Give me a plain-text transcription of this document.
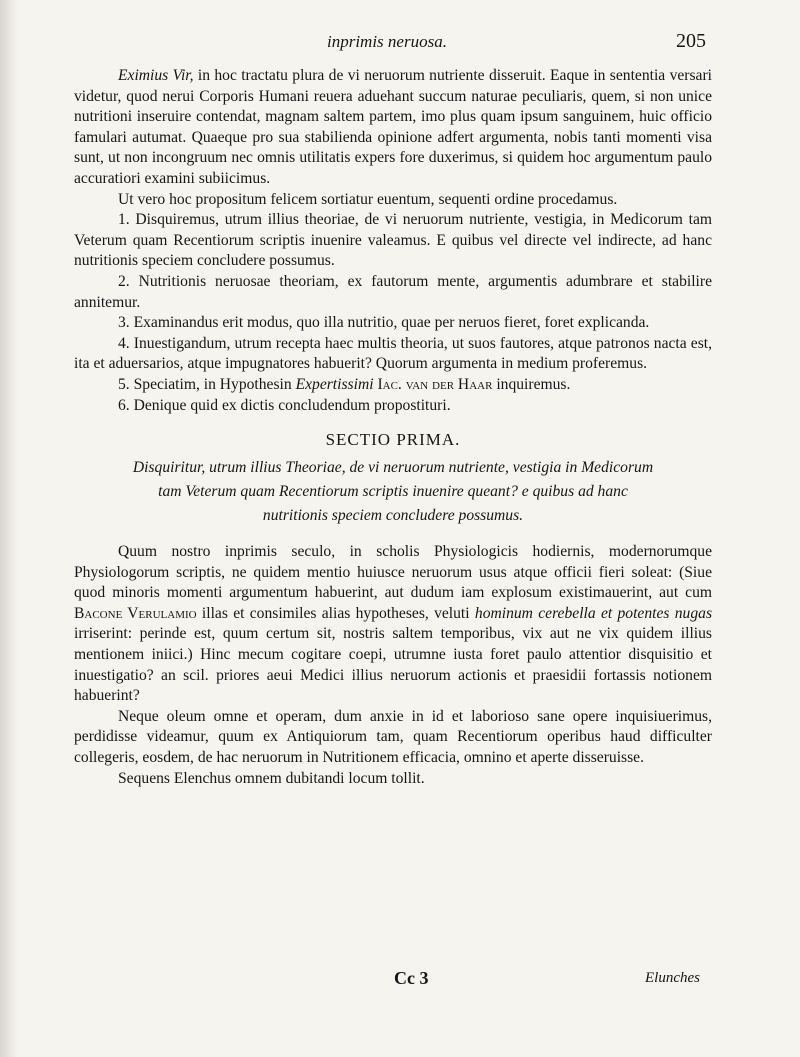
inprimis neruosa.	205

Eximius Vir, in hoc tractatu plura de vi neruorum nutriente disseruit. Eaque in sententia versari videtur, quod nerui Corporis Humani reuera aduehant succum naturae peculiaris, quem, si non unice nutritioni inseruire contendat, magnam saltem partem, imo plus quam ipsum sanguinem, huic officio famulari autumat. Quaeque pro sua stabilienda opinione adfert argumenta, nobis tanti momenti visa sunt, ut non incongruum nec omnis utilitatis expers fore duxerimus, si quidem hoc argumentum paulo accuratiori examini subiicimus.

Ut vero hoc propositum felicem sortiatur euentum, sequenti ordine procedamus.

1. Disquiremus, utrum illius theoriae, de vi neruorum nutriente, vestigia, in Medicorum tam Veterum quam Recentiorum scriptis inuenire valeamus. E quibus vel directe vel indirecte, ad hanc nutritionis speciem concludere possumus.

2. Nutritionis neruosae theoriam, ex fautorum mente, argumentis adumbrare et stabilire annitemur.

3. Examinandus erit modus, quo illa nutritio, quae per neruos fieret, foret explicanda.

4. Inuestigandum, utrum recepta haec multis theoria, ut suos fautores, atque patronos nacta est, ita et aduersarios, atque impugnatores habuerit? Quorum argumenta in medium proferemus.

5. Speciatim, in Hypothesin Expertissimi Iac. van der Haar inquiremus.

6. Denique quid ex dictis concludendum propostituri.

SECTIO PRIMA.
Disquiritur, utrum illius Theoriae, de vi neruorum nutriente, vestigia in Medicorum
tam Veterum quam Recentiorum scriptis inuenire queant? e quibus ad hanc
nutritionis speciem concludere possumus.

Quum nostro inprimis seculo, in scholis Physiologicis hodiernis, modernorumque Physiologorum scriptis, ne quidem mentio huiusce neruorum usus atque officii fieri soleat: (Siue quod minoris momenti argumentum habuerint, aut dudum iam explosum existimauerint, aut cum Bacone Verulamio illas et consimiles alias hypotheses, veluti hominum cerebella et potentes nugas irriserint: perinde est, quum certum sit, nostris saltem temporibus, vix aut ne vix quidem illius mentionem iniici.) Hinc mecum cogitare coepi, utrumne iusta foret paulo attentior disquisitio et inuestigatio? an scil. priores aeui Medici illius neruorum actionis et praesidii fortassis notionem habuerint?

Neque oleum omne et operam, dum anxie in id et laborioso sane opere inquisiuerimus, perdidisse videamur, quum ex Antiquiorum tam, quam Recentiorum operibus haud difficulter collegeris, eosdem, de hac neruorum in Nutritionem efficacia, omnino et aperte disseruisse.

Sequens Elenchus omnem dubitandi locum tollit.

Cc 3	Elunches
